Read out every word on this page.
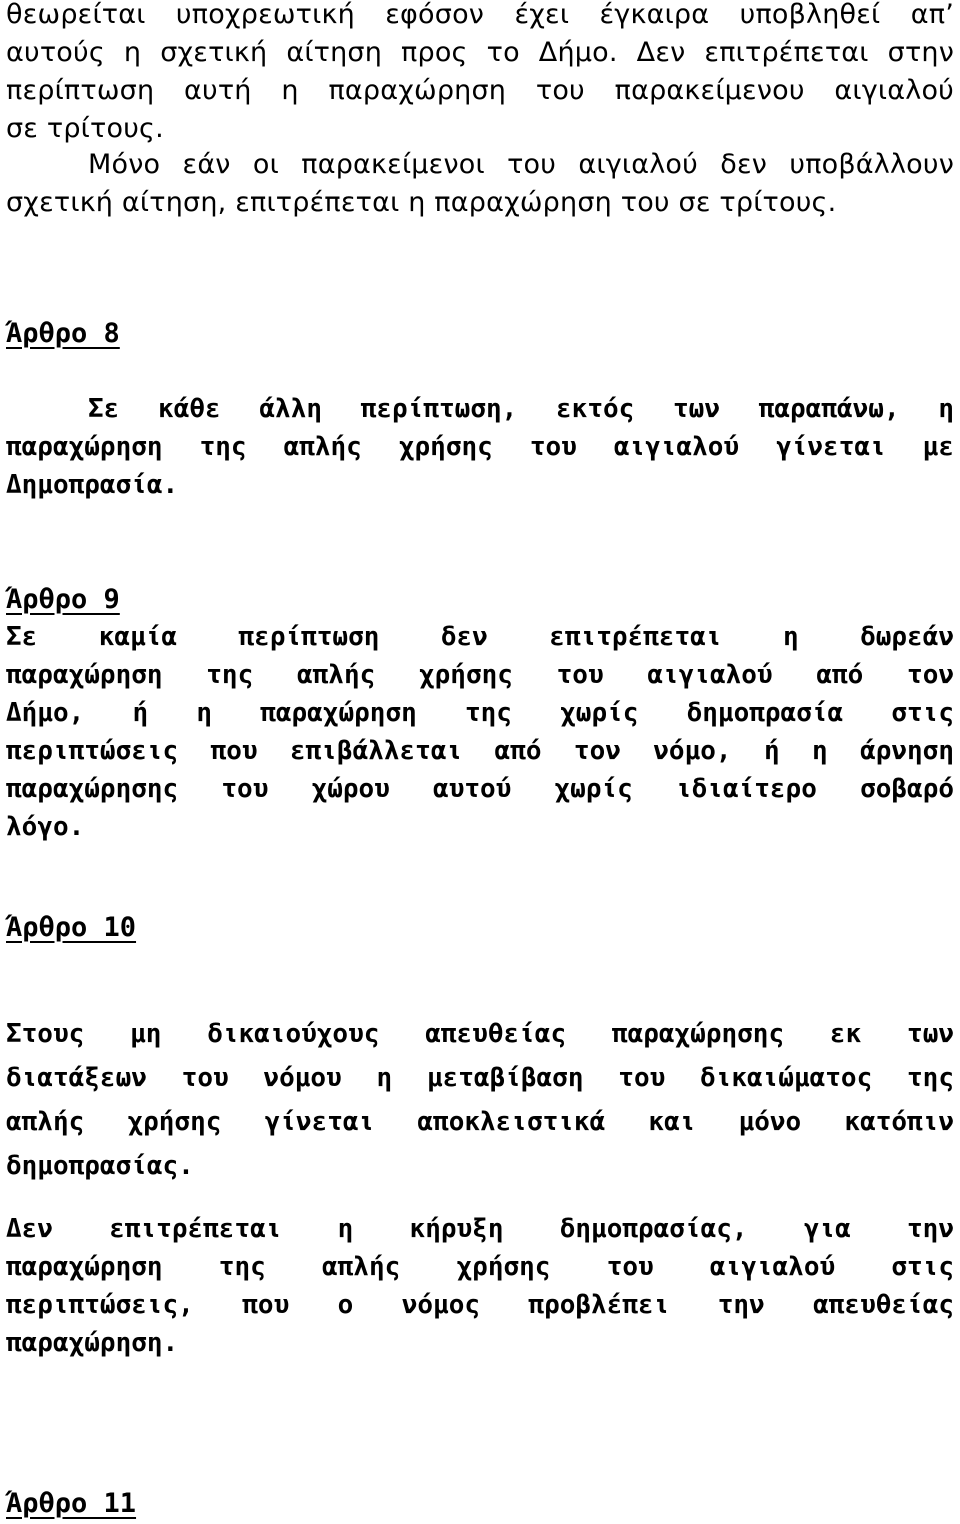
θεωρείται υποχρεωτική εφόσον έχει έγκαιρα υποβληθεί απ’
αυτούς η σχετική αίτηση προς το Δήμο. Δεν επιτρέπεται στην
περίπτωση αυτή η παραχώρηση του παρακείμενου αιγιαλού
σε τρίτους.
Μόνο εάν οι παρακείμενοι του αιγιαλού δεν υποβάλλουν
σχετική αίτηση, επιτρέπεται η παραχώρηση του σε τρίτους.
Άρθρο 8
Σε κάθε άλλη περίπτωση, εκτός των παραπάνω, η
παραχώρηση της απλής χρήσης του αιγιαλού γίνεται με
Δημοπρασία.
Άρθρο 9
Σε καμία περίπτωση δεν επιτρέπεται η δωρεάν
παραχώρηση της απλής χρήσης του αιγιαλού από τον
Δήμο, ή η παραχώρηση της χωρίς δημοπρασία στις
περιπτώσεις που επιβάλλεται από τον νόμο, ή η άρνηση
παραχώρησης του χώρου αυτού χωρίς ιδιαίτερο σοβαρό
λόγο.
Άρθρο 10
Στους μη δικαιούχους απευθείας παραχώρησης εκ των
διατάξεων του νόμου η μεταβίβαση του δικαιώματος της
απλής χρήσης γίνεται αποκλειστικά και μόνο κατόπιν
δημοπρασίας.
Δεν επιτρέπεται η κήρυξη δημοπρασίας, για την
παραχώρηση της απλής χρήσης του αιγιαλού στις
περιπτώσεις, που ο νόμος προβλέπει την απευθείας
παραχώρηση.
Άρθρο 11
